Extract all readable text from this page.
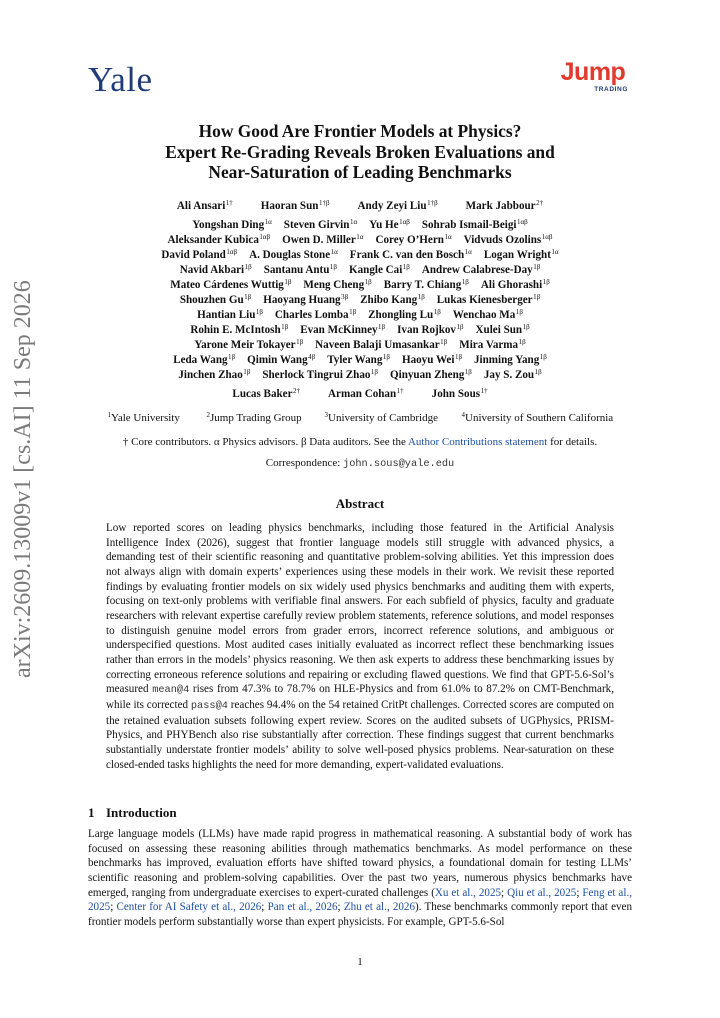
Yale	Jump
TRADING
arXiv:2609.13009v1 [cs.AI] 11 Sep 2026
How Good Are Frontier Models at Physics?
Expert Re-Grading Reveals Broken Evaluations and
Near-Saturation of Leading Benchmarks
Ali Ansari$^{1\dagger}$	Haoran Sun$^{1\dagger\beta}$	Andy Zeyi Liu$^{1\dagger\beta}$	Mark Jabbour$^{2\dagger}$
Yongshan Ding$^{1\alpha}$ Steven Girvin$^{1\alpha}$ Yu $He^{1\alpha\beta}$ Sohrab Ismail-Beigi$^{1\alpha\beta}$
Aleksander Kubica$^{1\alpha\beta}$ Owen D. Miller$^{1\alpha}$ Corey O’Hern$^{1\alpha}$ Vidvuds Ozolins$^{1\alpha\beta}$
David Poland$^{1\alpha\beta}$ A. Douglas Stone$^{1\alpha}$ Frank C. van den Bosch$^{1\alpha}$ Logan Wright$^{1\alpha}$
Navid Akbari$^{1\beta}$ Santanu Antu$^{1\beta}$ Kangle Cai$^{1\beta}$ Andrew Calabrese-Day$^{1\beta}$
Mateo Cárdenes Wuttig$^{1\beta}$ Meng Cheng$^{1\beta}$ Barry T. Chiang$^{1\beta}$ Ali Ghorashi$^{1\beta}$
Shouzhen $Gu^{1\beta}$ Haoyang Huang$^{3\beta}$ Zhibo Kang$^{1\beta}$ Lukas Kienesberger$^{1\beta}$
Hantian Liu$^{1\beta}$ Charles Lomba$^{1\beta}$ Zhongling $Lu^{1\beta}$ Wenchao $Ma^{1\beta}$
Rohin E. McIntosh$^{1\beta}$ Evan McKinney$^{1\beta}$ Ivan Rojkov$^{1\beta}$ Xulei Sun$^{1\beta}$
Yarone Meir Tokayer$^{1\beta}$ Naveen Balaji Umasankar$^{1\beta}$ Mira Varma$^{1\beta}$
Leda Wang$^{1\beta}$ Qimin Wang$^{4\beta}$ Tyler Wang$^{1\beta}$ Haoyu Wei$^{1\beta}$ Jinming Yang$^{1\beta}$
Jinchen Zhao$^{1\beta}$ Sherlock Tingrui Zhao$^{1\beta}$ Qinyuan Zheng$^{1\beta}$ Jay S. Zou$^{1\beta}$
Lucas Baker$^{2\dagger}$	Arman Cohan$^{1\dagger}$	John Sous$^{1\dagger}$
$^1$Yale University	$^2$Jump Trading Group	$^3$University of Cambridge	$^4$University of Southern California
† Core contributors. α Physics advisors. β Data auditors. See the Author Contributions statement for details.
Correspondence: john.sous@yale.edu
Abstract
Low reported scores on leading physics benchmarks, including those featured in the Artificial Analysis Intelligence Index (2026), suggest that frontier language models still struggle with advanced physics, a demanding test of their scientific reasoning and quantitative problem-solving abilities. Yet this impression does not always align with domain experts’ experiences using these models in their work. We revisit these reported findings by evaluating frontier models on six widely used physics benchmarks and auditing them with experts, focusing on text-only problems with verifiable final answers. For each subfield of physics, faculty and graduate researchers with relevant expertise carefully review problem statements, reference solutions, and model responses to distinguish genuine model errors from grader errors, incorrect reference solutions, and ambiguous or underspecified questions. Most audited cases initially evaluated as incorrect reflect these benchmarking issues rather than errors in the models’ physics reasoning. We then ask experts to address these benchmarking issues by correcting erroneous reference solutions and repairing or excluding flawed questions. We find that GPT-5.6-Sol’s measured mean@4 rises from 47.3% to 78.7% on HLE-Physics and from 61.0% to 87.2% on CMT-Benchmark, while its corrected pass@4 reaches 94.4% on the 54 retained CritPt challenges. Corrected scores are computed on the retained evaluation subsets following expert review. Scores on the audited subsets of UGPhysics, PRISM-Physics, and PHYBench also rise substantially after correction. These findings suggest that current benchmarks substantially understate frontier models’ ability to solve well-posed physics problems. Near-saturation on these closed-ended tasks highlights the need for more demanding, expert-validated evaluations.
1 Introduction
Large language models (LLMs) have made rapid progress in mathematical reasoning. A substantial body of work has focused on assessing these reasoning abilities through mathematics benchmarks. As model performance on these benchmarks has improved, evaluation efforts have shifted toward physics, a foundational domain for testing LLMs’ scientific reasoning and problem-solving capabilities. Over the past two years, numerous physics benchmarks have emerged, ranging from undergraduate exercises to expert-curated challenges (Xu et al., 2025; Qiu et al., 2025; Feng et al., 2025; Center for AI Safety et al., 2026; Pan et al., 2026; Zhu et al., 2026). These benchmarks commonly report that even frontier models perform substantially worse than expert physicists. For example, GPT-5.6-Sol
1
